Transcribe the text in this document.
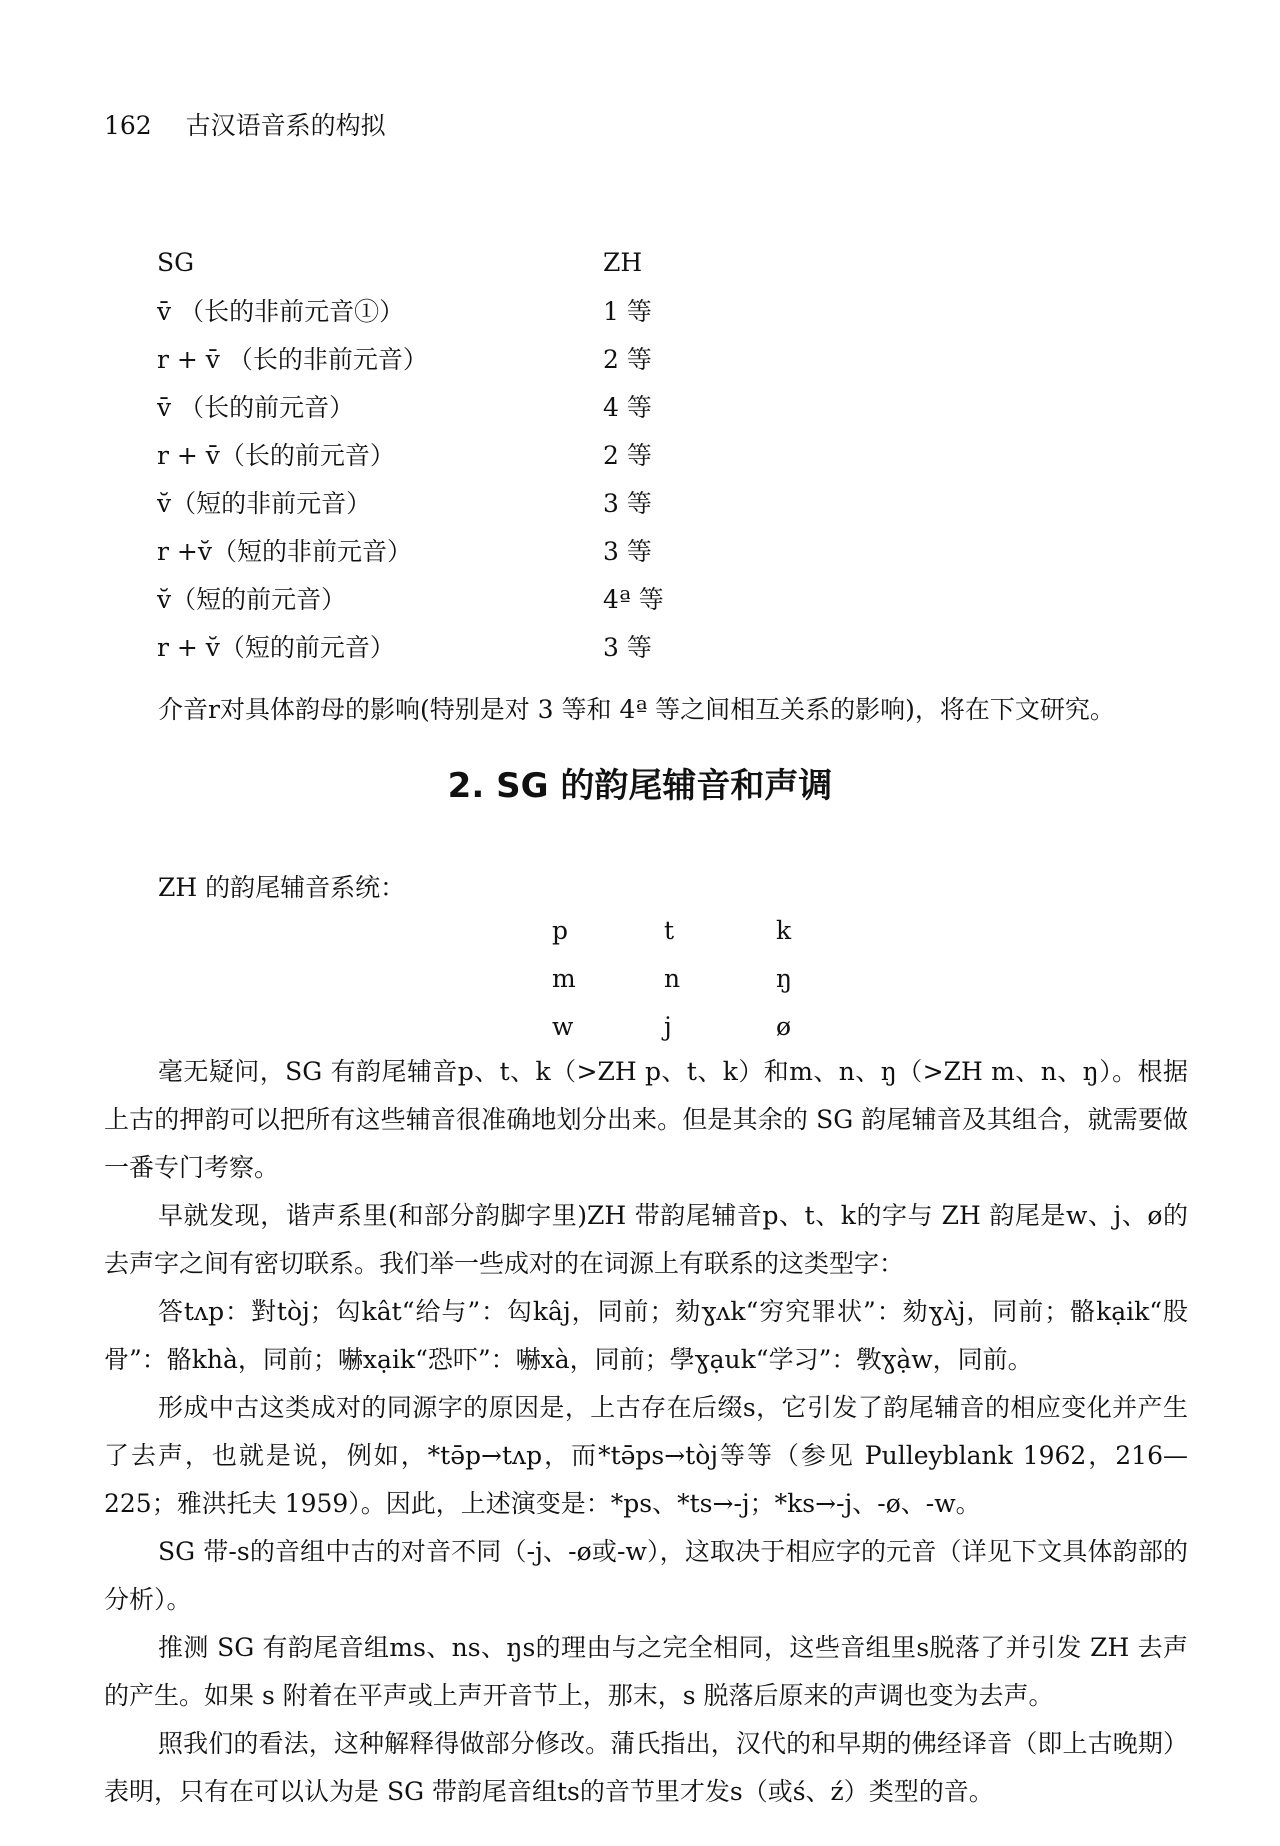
162 古汉语音系的构拟
SG	ZH
v̄ （长的非前元音①）	1 等
r + v̄ （长的非前元音）	2 等
v̄ （长的前元音）	4 等
r + v̄（长的前元音）	2 等
v̆（短的非前元音）	3 等
r +v̆（短的非前元音）	3 等
v̆（短的前元音）	4ª 等
r + v̆（短的前元音）	3 等
介音r对具体韵母的影响(特别是对 3 等和 4ª 等之间相互关系的影响)，将在下文研究。
2. SG 的韵尾辅音和声调
ZH 的韵尾辅音系统：
p	t	k
m	n	ŋ
w	j	ø

毫无疑问，SG 有韵尾辅音p、t、k（>ZH p、t、k）和m、n、ŋ（>ZH m、n、ŋ）。根据上古的押韵可以把所有这些辅音很准确地划分出来。但是其余的 SG 韵尾辅音及其组合，就需要做一番专门考察。

早就发现，谐声系里(和部分韵脚字里)ZH 带韵尾辅音p、t、k的字与 ZH 韵尾是w、j、ø的去声字之间有密切联系。我们举一些成对的在词源上有联系的这类型字：

答tʌp：對tòj；匃kât“给与”：匃kâj，同前；劾ɣʌk“穷究罪状”：劾ɣʌ̀j，同前；骼kạik“股骨”：骼khà，同前；嚇xạik“恐吓”：嚇xà，同前；學ɣạuk“学习”：斆ɣạ̀w，同前。

形成中古这类成对的同源字的原因是，上古存在后缀s，它引发了韵尾辅音的相应变化并产生了去声，也就是说，例如，*tə̄p→tʌp，而*tə̄ps→tòj等等（参见 Pulleyblank 1962，216—225；雅洪托夫 1959）。因此，上述演变是：*ps、*ts→-j；*ks→-j、-ø、-w。

SG 带-s的音组中古的对音不同（-j、-ø或-w），这取决于相应字的元音（详见下文具体韵部的分析）。

推测 SG 有韵尾音组ms、ns、ŋs的理由与之完全相同，这些音组里s脱落了并引发 ZH 去声的产生。如果 s 附着在平声或上声开音节上，那末，s 脱落后原来的声调也变为去声。

照我们的看法，这种解释得做部分修改。蒲氏指出，汉代的和早期的佛经译音（即上古晚期）表明，只有在可以认为是 SG 带韵尾音组ts的音节里才发s（或ś、ź）类型的音。
